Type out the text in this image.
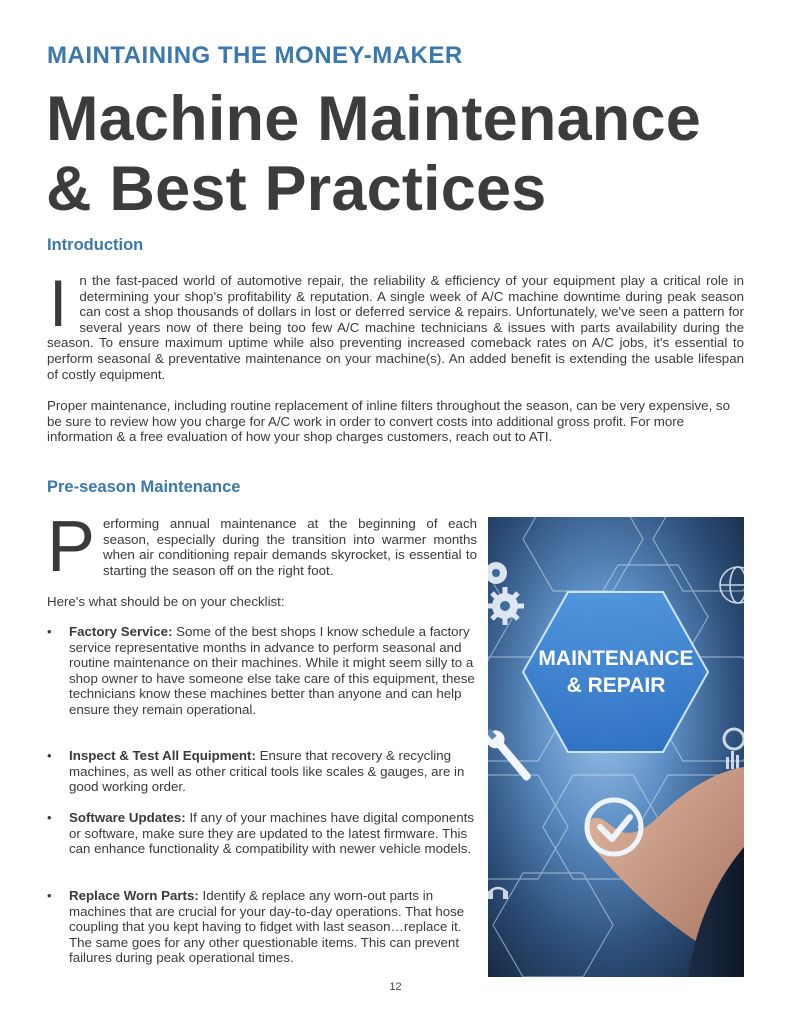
MAINTAINING THE MONEY-MAKER
Machine Maintenance
& Best Practices
Introduction
In the fast-paced world of automotive repair, the reliability & efficiency of your equipment play a critical role in determining your shop's profitability & reputation. A single week of A/C machine downtime during peak season can cost a shop thousands of dollars in lost or deferred service & repairs. Unfortunately, we've seen a pattern for several years now of there being too few A/C machine technicians & issues with parts availability during the season. To ensure maximum uptime while also preventing increased comeback rates on A/C jobs, it's essential to perform seasonal & preventative maintenance on your machine(s). An added benefit is extending the usable lifespan of costly equipment.
Proper maintenance, including routine replacement of inline filters throughout the season, can be very expensive, so be sure to review how you charge for A/C work in order to convert costs into additional gross profit. For more information & a free evaluation of how your shop charges customers, reach out to ATI.
Pre-season Maintenance
Performing annual maintenance at the beginning of each season, especially during the transition into warmer months when air conditioning repair demands skyrocket, is essential to starting the season off on the right foot.
Here's what should be on your checklist:
• Factory Service: Some of the best shops I know schedule a factory service representative months in advance to perform seasonal and routine maintenance on their machines. While it might seem silly to a shop owner to have someone else take care of this equipment, these technicians know these machines better than anyone and can help ensure they remain operational.
• Inspect & Test All Equipment: Ensure that recovery & recycling machines, as well as other critical tools like scales & gauges, are in good working order.
• Software Updates: If any of your machines have digital components or software, make sure they are updated to the latest firmware. This can enhance functionality & compatibility with newer vehicle models.
• Replace Worn Parts: Identify & replace any worn-out parts in machines that are crucial for your day-to-day operations. That hose coupling that you kept having to fidget with last season…replace it. The same goes for any other questionable items. This can prevent failures during peak operational times.
MAINTENANCE
& REPAIR
12
